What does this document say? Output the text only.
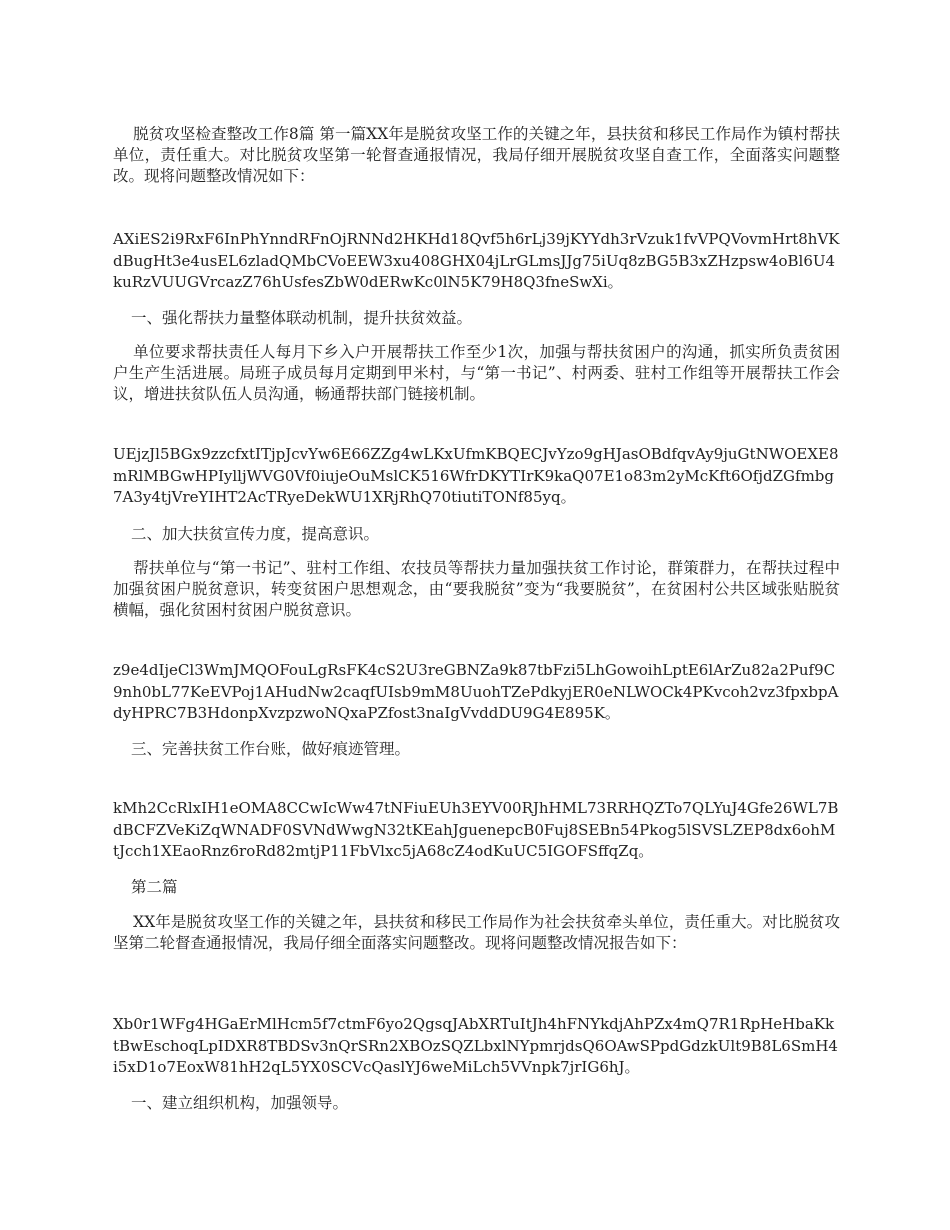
脱贫攻坚检查整改工作8篇 第一篇XX年是脱贫攻坚工作的关键之年，县扶贫和移民工作局作为镇村帮扶单位，责任重大。对比脱贫攻坚第一轮督查通报情况，我局仔细开展脱贫攻坚自查工作，全面落实问题整改。现将问题整改情况如下：

AXiES2i9RxF6InPhYnndRFnOjRNNd2HKHd18Qvf5h6rLj39jKYYdh3rVzuk1fvVPQVovmHrt8hVKdBugHt3e4usEL6zladQMbCVoEEW3xu408GHX04jLrGLmsJJg75iUq8zBG5B3xZHzpsw4oBl6U4kuRzVUUGVrcazZ76hUsfesZbW0dERwKc0lN5K79H8Q3fneSwXi。

一、强化帮扶力量整体联动机制，提升扶贫效益。

单位要求帮扶责任人每月下乡入户开展帮扶工作至少1次，加强与帮扶贫困户的沟通，抓实所负责贫困户生产生活进展。局班子成员每月定期到甲米村，与“第一书记”、村两委、驻村工作组等开展帮扶工作会议，增进扶贫队伍人员沟通，畅通帮扶部门链接机制。

UEjzJl5BGx9zzcfxtITjpJcvYw6E66ZZg4wLKxUfmKBQECJvYzo9gHJasOBdfqvAy9juGtNWOEXE8mRlMBGwHPIylljWVG0Vf0iujeOuMslCK516WfrDKYTIrK9kaQ07E1o83m2yMcKft6OfjdZGfmbg7A3y4tjVreYIHT2AcTRyeDekWU1XRjRhQ70tiutiTONf85yq。

二、加大扶贫宣传力度，提高意识。

帮扶单位与“第一书记”、驻村工作组、农技员等帮扶力量加强扶贫工作讨论，群策群力，在帮扶过程中加强贫困户脱贫意识，转变贫困户思想观念，由“要我脱贫”变为“我要脱贫”，在贫困村公共区域张贴脱贫横幅，强化贫困村贫困户脱贫意识。

z9e4dIjeCl3WmJMQOFouLgRsFK4cS2U3reGBNZa9k87tbFzi5LhGowoihLptE6lArZu82a2Puf9C9nh0bL77KeEVPoj1AHudNw2caqfUIsb9mM8UuohTZePdkyjER0eNLWOCk4PKvcoh2vz3fpxbpAdyHPRC7B3HdonpXvzpzwoNQxaPZfost3naIgVvddDU9G4E895K。

三、完善扶贫工作台账，做好痕迹管理。

kMh2CcRlxIH1eOMA8CCwIcWw47tNFiuEUh3EYV00RJhHML73RRHQZTo7QLYuJ4Gfe26WL7BdBCFZVeKiZqWNADF0SVNdWwgN32tKEahJguenepcB0Fuj8SEBn54Pkog5lSVSLZEP8dx6ohMtJcch1XEaoRnz6roRd82mtjP11FbVlxc5jA68cZ4odKuUC5IGOFSffqZq。

第二篇

XX年是脱贫攻坚工作的关键之年，县扶贫和移民工作局作为社会扶贫牵头单位，责任重大。对比脱贫攻坚第二轮督查通报情况，我局仔细全面落实问题整改。现将问题整改情况报告如下：

Xb0r1WFg4HGaErMlHcm5f7ctmF6yo2QgsqJAbXRTuItJh4hFNYkdjAhPZx4mQ7R1RpHeHbaKktBwEschoqLpIDXR8TBDSv3nQrSRn2XBOzSQZLbxlNYpmrjdsQ6OAwSPpdGdzkUlt9B8L6SmH4i5xD1o7EoxW81hH2qL5YX0SCVcQaslYJ6weMiLch5VVnpk7jrIG6hJ。

一、建立组织机构，加强领导。
